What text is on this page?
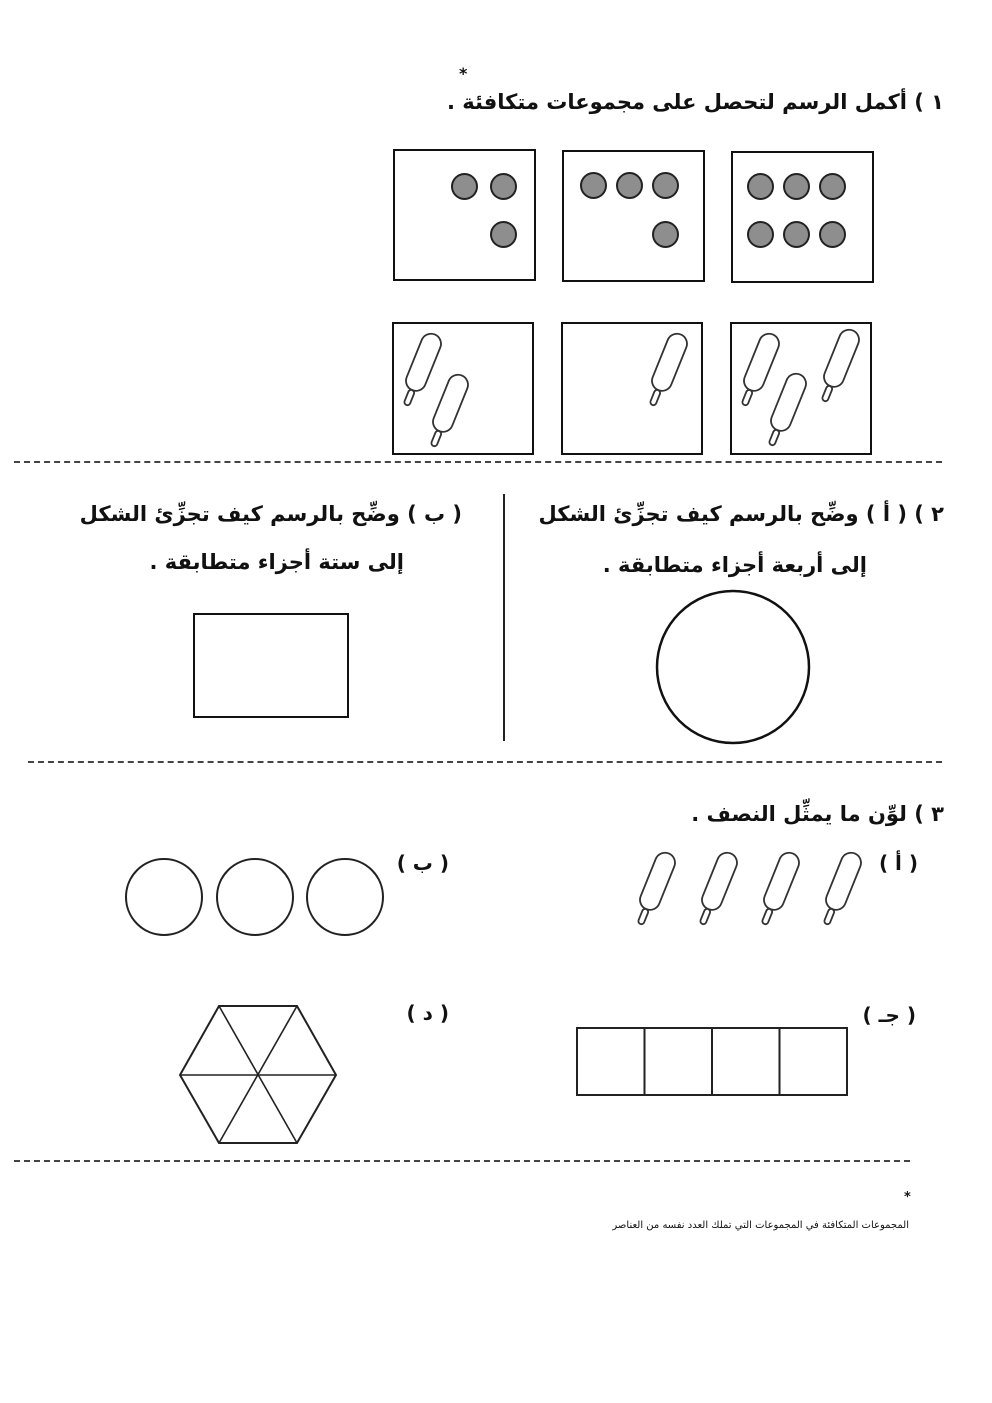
١ ) أكمل الرسم لتحصل على مجموعات متكافئة .
*
٢ ) ( أ ) وضِّح بالرسم كيف تجزِّئ الشكل
إلى أربعة أجزاء متطابقة .
( ب ) وضِّح بالرسم كيف تجزِّئ الشكل
إلى ستة أجزاء متطابقة .
٣ ) لوِّن ما يمثِّل النصف .
( أ )
( ب )
( جـ )
( د )
*
المجموعات المتكافئة في المجموعات التي تملك العدد نفسه من العناصر
